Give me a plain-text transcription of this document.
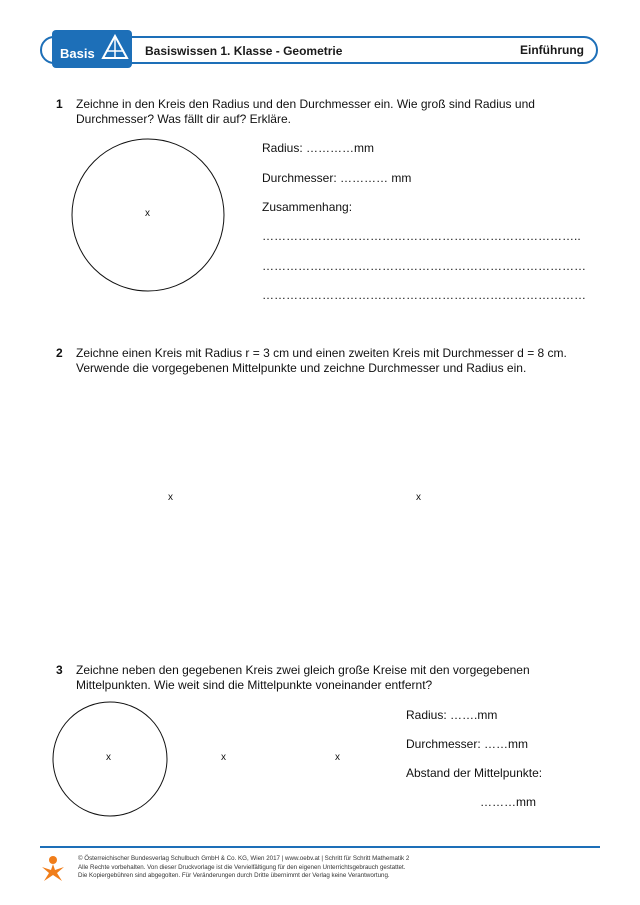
Basis	Basiswissen 1. Klasse - Geometrie	Einführung
1 Zeichne in den Kreis den Radius und den Durchmesser ein. Wie groß sind Radius und
Durchmesser? Was fällt dir auf? Erkläre.
x
Radius: …………mm
Durchmesser: ………… mm
Zusammenhang:
……………………………………………………………………..
………………………………………………………………………
………………………………………………………………………
2 Zeichne einen Kreis mit Radius r = 3 cm und einen zweiten Kreis mit Durchmesser d = 8 cm.
Verwende die vorgegebenen Mittelpunkte und zeichne Durchmesser und Radius ein.
x	x
3 Zeichne neben den gegebenen Kreis zwei gleich große Kreise mit den vorgegebenen
Mittelpunkten. Wie weit sind die Mittelpunkte voneinander entfernt?
x	x	x
Radius: …….mm
Durchmesser: ……mm
Abstand der Mittelpunkte:
………mm
© Österreichischer Bundesverlag Schulbuch GmbH & Co. KG, Wien 2017 | www.oebv.at | Schritt für Schritt Mathematik 2
Alle Rechte vorbehalten. Von dieser Druckvorlage ist die Vervielfältigung für den eigenen Unterrichtsgebrauch gestattet.
Die Kopiergebühren sind abgegolten. Für Veränderungen durch Dritte übernimmt der Verlag keine Verantwortung.
